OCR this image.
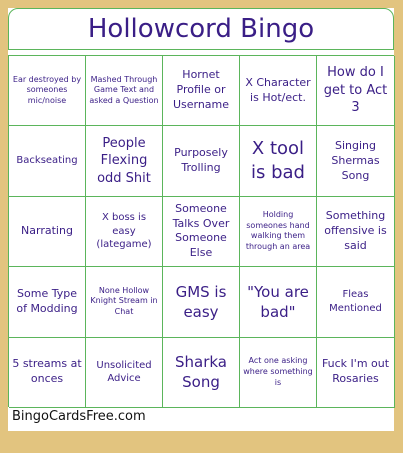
Hollowcord Bingo
Ear destroyed by someones mic/noise
Mashed Through Game Text and asked a Question
Hornet Profile or Username
X Character is Hot/ect.
How do I get to Act 3
Backseating
People Flexing odd Shit
Purposely Trolling
X tool is bad
Singing Shermas Song
Narrating
X boss is easy (lategame)
Someone Talks Over Someone Else
Holding someones hand walking them through an area
Something offensive is said
Some Type of Modding
None Hollow Knight Stream in Chat
GMS is easy
"You are bad"
Fleas Mentioned
5 streams at onces
Unsolicited Advice
Sharka Song
Act one asking where something is
Fuck I'm out Rosaries
BingoCardsFree.com
